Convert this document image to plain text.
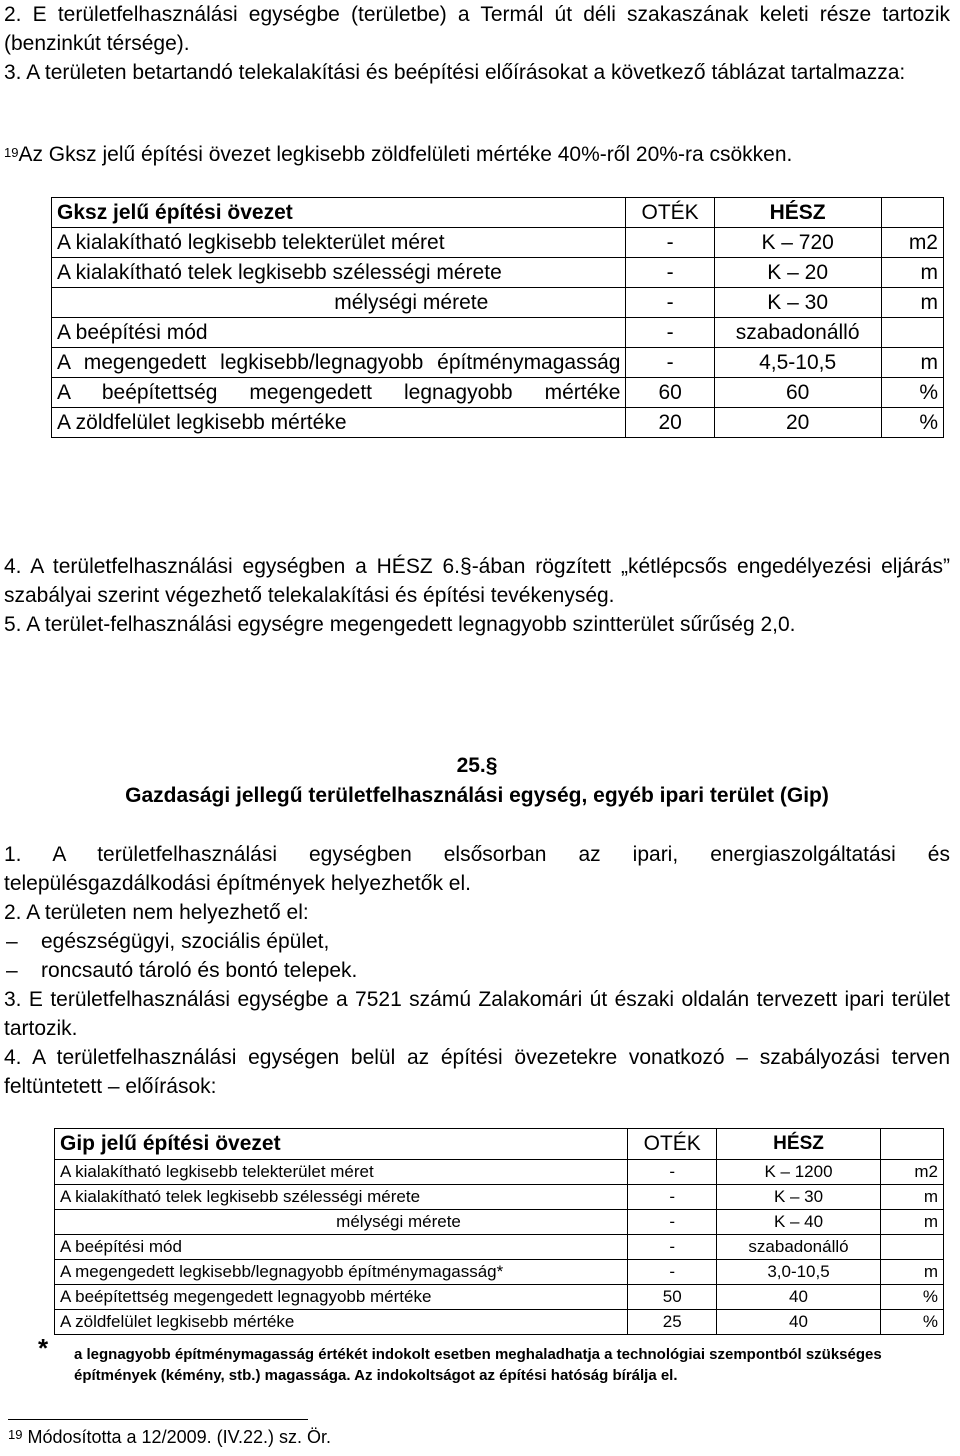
2. E területfelhasználási egységbe (területbe) a Termál út déli szakaszának keleti része tartozik (benzinkút térsége).

3. A területen betartandó telekalakítási és beépítési előírásokat a következő táblázat tartalmazza:

$^{19}$Az Gksz jelű építési övezet legkisebb zöldfelületi mértéke 40%-ről 20%-ra csökken.

Gksz jelű építési övezet	OTÉK	HÉSZ	
A kialakítható legkisebb telekterület méret	-	K – 720	m2
A kialakítható telek legkisebb szélességi mérete	-	K – 20	m
mélységi mérete	-	K – 30	m
A beépítési mód	-	szabadonálló	
A megengedett legkisebb/legnagyobb építménymagasság	-	4,5-10,5	m
A beépítettség megengedett legnagyobb mértéke	60	60	%
A zöldfelület legkisebb mértéke	20	20	%

4. A területfelhasználási egységben a HÉSZ 6.§-ában rögzített „kétlépcsős engedélyezési eljárás” szabályai szerint végezhető telekalakítási és építési tevékenység.

5. A terület-felhasználási egységre megengedett legnagyobb szintterület sűrűség 2,0.

25.§
Gazdasági jellegű területfelhasználási egység, egyéb ipari terület (Gip)

1. A területfelhasználási egységben elsősorban az ipari, energiaszolgáltatási és településgazdálkodási építmények helyezhetők el.

2. A területen nem helyezhető el:

– egészségügyi, szociális épület,

– roncsautó tároló és bontó telepek.

3. E területfelhasználási egységbe a 7521 számú Zalakomári út északi oldalán tervezett ipari terület tartozik.

4. A területfelhasználási egységen belül az építési övezetekre vonatkozó – szabályozási terven feltüntetett – előírások:

Gip jelű építési övezet	OTÉK	HÉSZ	
A kialakítható legkisebb telekterület méret	-	K – 1200	m2
A kialakítható telek legkisebb szélességi mérete	-	K – 30	m
mélységi mérete	-	K – 40	m
A beépítési mód	-	szabadonálló	
A megengedett legkisebb/legnagyobb építménymagasság*	-	3,0-10,5	m
A beépítettség megengedett legnagyobb mértéke	50	40	%
A zöldfelület legkisebb mértéke	25	40	%
*	a legnagyobb építménymagasság értékét indokolt esetben meghaladhatja a technológiai szempontból szükséges építmények (kémény, stb.) magassága. Az indokoltságot az építési hatóság bírálja el.
$^{19}$ Módosította a 12/2009. (IV.22.) sz. Ör.
